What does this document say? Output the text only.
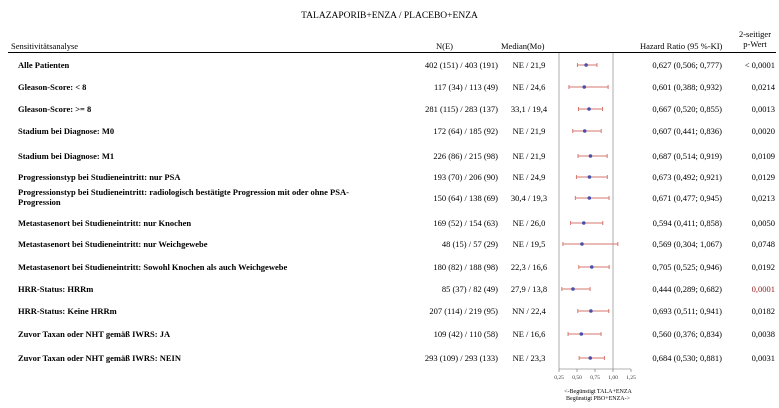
TALAZAPORIB+ENZA / PLACEBO+ENZA
Sensitivitätsanalyse	N(E)	Median(Mo)	Hazard Ratio (95 %-KI)
2-seitiger
p-Wert
Alle Patienten	402 (151) / 403 (191)	NE / 21,9	0,627 (0,506; 0,777)	< 0,0001
Gleason-Score: < 8	117 (34) / 113 (49)	NE / 24,6	0,601 (0,388; 0,932)	0,0214
Gleason-Score: >= 8	281 (115) / 283 (137)	33,1 / 19,4	0,667 (0,520; 0,855)	0,0013
Stadium bei Diagnose: M0	172 (64) / 185 (92)	NE / 21,9	0,607 (0,441; 0,836)	0,0020
Stadium bei Diagnose: M1	226 (86) / 215 (98)	NE / 21,9	0,687 (0,514; 0,919)	0,0109
Progressionstyp bei Studieneintritt: nur PSA	193 (70) / 206 (90)	NE / 24,9	0,673 (0,492; 0,921)	0,0129
Progressionstyp bei Studieneintritt: radiologisch bestätigte Progression mit oder ohne PSA-Progression	150 (64) / 138 (69)	30,4 / 19,3	0,671 (0,477; 0,945)	0,0213
Metastasenort bei Studieneintritt: nur Knochen	169 (52) / 154 (63)	NE / 26,0	0,594 (0,411; 0,858)	0,0050
Metastasenort bei Studieneintritt: nur Weichgewebe	48 (15) / 57 (29)	NE / 19,5	0,569 (0,304; 1,067)	0,0748
Metastasenort bei Studieneintritt: Sowohl Knochen als auch Weichgewebe	180 (82) / 188 (98)	22,3 / 16,6	0,705 (0,525; 0,946)	0,0192
HRR-Status: HRRm	85 (37) / 82 (49)	27,9 / 13,8	0,444 (0,289; 0,682)	0,0001
HRR-Status: Keine HRRm	207 (114) / 219 (95)	NN / 22,4	0,693 (0,511; 0,941)	0,0182
Zuvor Taxan oder NHT gemäß IWRS: JA	109 (42) / 110 (58)	NE / 16,6	0,560 (0,376; 0,834)	0,0038
Zuvor Taxan oder NHT gemäß IWRS: NEIN	293 (109) / 293 (133)	NE / 23,3	0,684 (0,530; 0,881)	0,0031
0,25 0,50 0,75 1,00 1,25
<-Begünstigt TALA+ENZA
Begünstigt PBO+ENZA->
